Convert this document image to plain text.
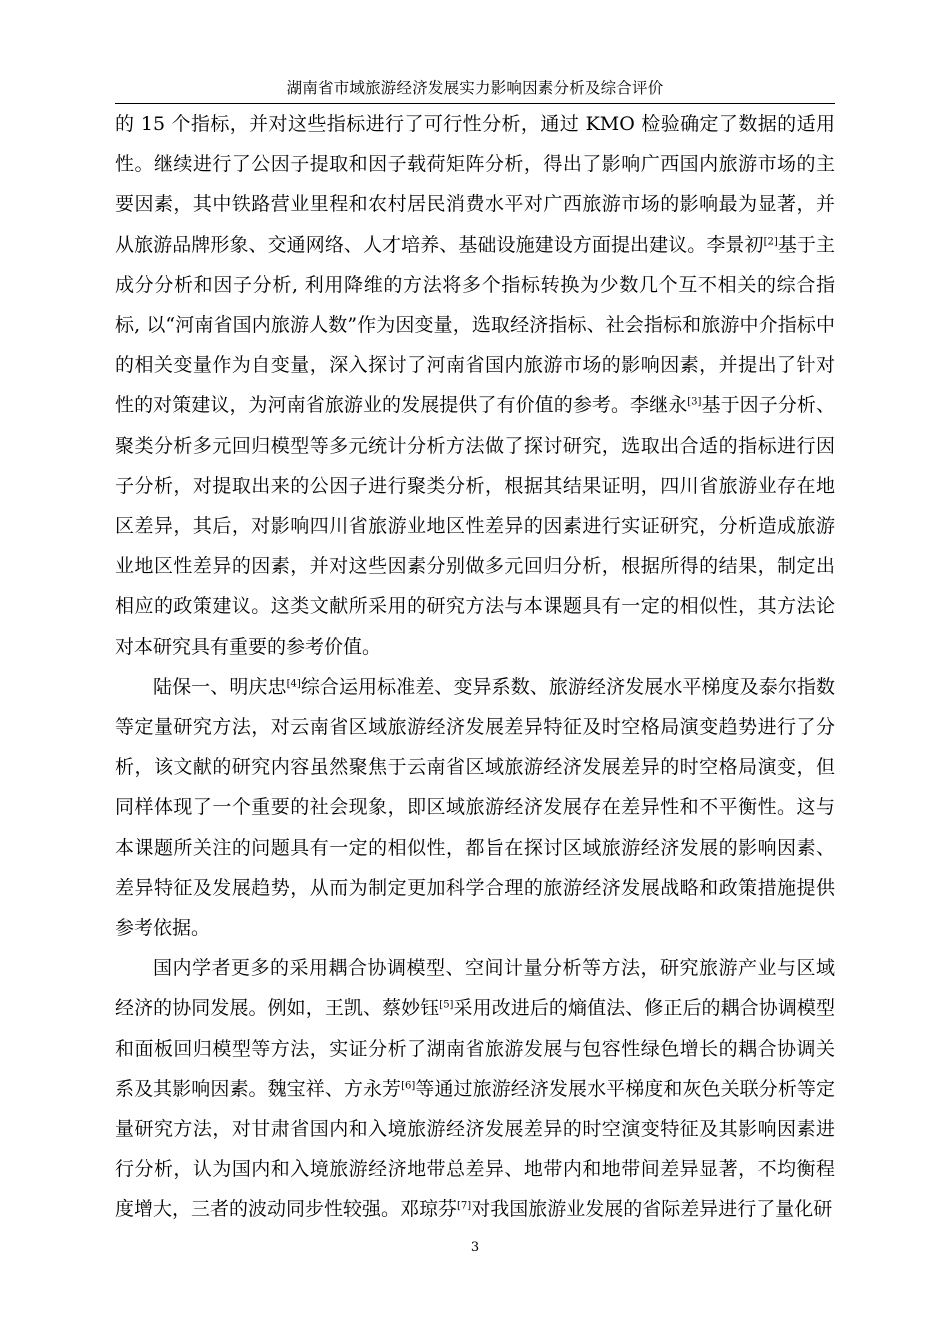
湖南省市域旅游经济发展实力影响因素分析及综合评价

的 15 个指标，并对这些指标进行了可行性分析，通过 KMO 检验确定了数据的适用性。继续进行了公因子提取和因子载荷矩阵分析，得出了影响广西国内旅游市场的主要因素，其中铁路营业里程和农村居民消费水平对广西旅游市场的影响最为显著，并从旅游品牌形象、交通网络、人才培养、基础设施建设方面提出建议。李景初[2]基于主成分分析和因子分析, 利用降维的方法将多个指标转换为少数几个互不相关的综合指标, 以“河南省国内旅游人数”作为因变量，选取经济指标、社会指标和旅游中介指标中的相关变量作为自变量，深入探讨了河南省国内旅游市场的影响因素，并提出了针对性的对策建议，为河南省旅游业的发展提供了有价值的参考。李继永[3]基于因子分析、聚类分析多元回归模型等多元统计分析方法做了探讨研究，选取出合适的指标进行因子分析，对提取出来的公因子进行聚类分析，根据其结果证明，四川省旅游业存在地区差异，其后，对影响四川省旅游业地区性差异的因素进行实证研究，分析造成旅游业地区性差异的因素，并对这些因素分别做多元回归分析，根据所得的结果，制定出相应的政策建议。这类文献所采用的研究方法与本课题具有一定的相似性，其方法论对本研究具有重要的参考价值。

陆保一、明庆忠[4]综合运用标准差、变异系数、旅游经济发展水平梯度及泰尔指数等定量研究方法，对云南省区域旅游经济发展差异特征及时空格局演变趋势进行了分析，该文献的研究内容虽然聚焦于云南省区域旅游经济发展差异的时空格局演变，但同样体现了一个重要的社会现象，即区域旅游经济发展存在差异性和不平衡性。这与本课题所关注的问题具有一定的相似性，都旨在探讨区域旅游经济发展的影响因素、差异特征及发展趋势，从而为制定更加科学合理的旅游经济发展战略和政策措施提供参考依据。

国内学者更多的采用耦合协调模型、空间计量分析等方法，研究旅游产业与区域经济的协同发展。例如，王凯、蔡妙钰[5]采用改进后的熵值法、修正后的耦合协调模型和面板回归模型等方法，实证分析了湖南省旅游发展与包容性绿色增长的耦合协调关系及其影响因素。魏宝祥、方永芳[6]等通过旅游经济发展水平梯度和灰色关联分析等定量研究方法，对甘肃省国内和入境旅游经济发展差异的时空演变特征及其影响因素进行分析，认为国内和入境旅游经济地带总差异、地带内和地带间差异显著，不均衡程度增大，三者的波动同步性较强。邓琼芬[7]对我国旅游业发展的省际差异进行了量化研

3
